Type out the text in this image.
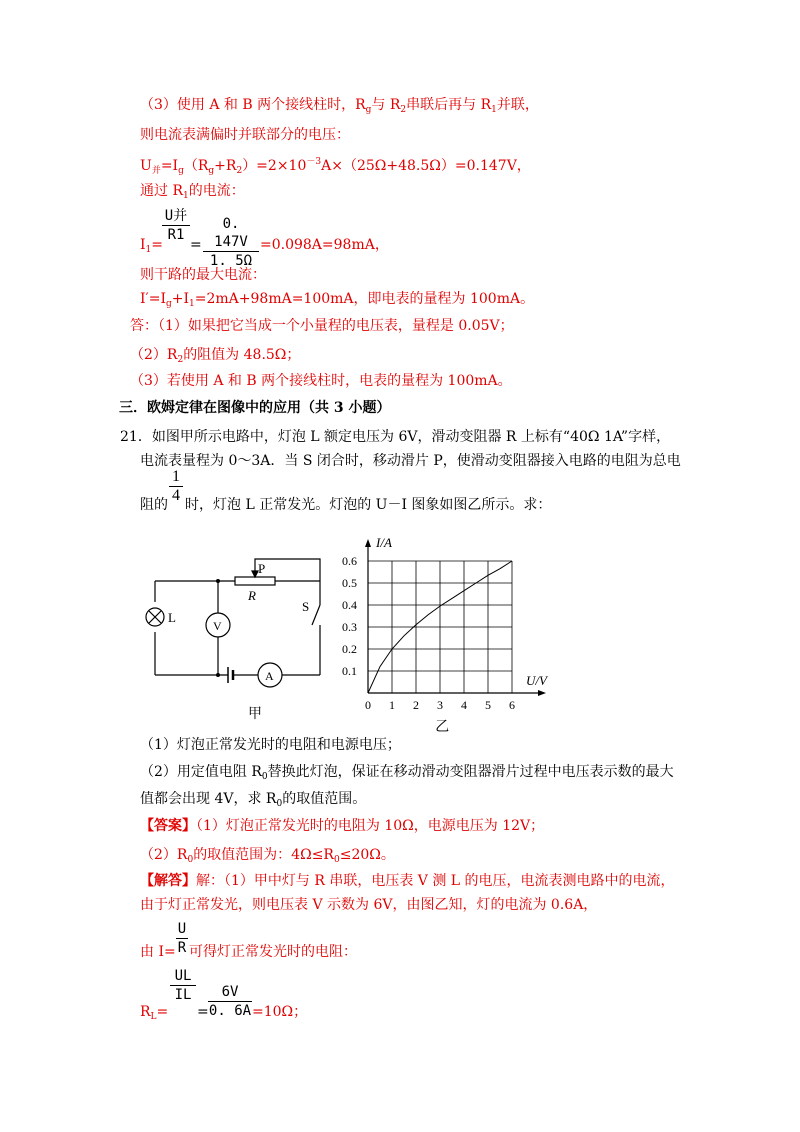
（3）使用 A 和 B 两个接线柱时，$R_g$与 $R_2$串联后再与 $R_1$并联，
则电流表满偏时并联部分的电压：
$U_并=I_g(R_g+R_2)=2\times 10^{-3}A\times(25\Omega+48.5\Omega)=0.147V$，
通过 $R_1$的电流：
$I_1=$
U并
R1
=
0. 147V
1. 5Ω
=0.098A=98mA，
则干路的最大电流：
$I'=I_g+I_1=2mA+98mA=100mA$，即电表的量程为 100mA。
答：（1）如果把它当成一个小量程的电压表，量程是 0.05V；
$(2)R_2$的阻值为 48.5Ω；
（3）若使用 A 和 B 两个接线柱时，电表的量程为 100mA。
三．欧姆定律在图像中的应用（共 3 小题）
21．如图甲所示电路中，灯泡 L 额定电压为 6V，滑动变阻器 R 上标有“40Ω 1A”字样，
电流表量程为 0～3A．当 S 闭合时，移动滑片 P，使滑动变阻器接入电路的电阻为总电
1
4
阻的 时，灯泡 L 正常发光。灯泡的 U－I 图象如图乙所示。求：
P
R
L
S
V
A
甲
0 1 2 3 4 5 6
0.1
0.2
0.3
0.4
0.5
0.6
I/A
U/V
乙
（1）灯泡正常发光时的电阻和电源电压；
（2）用定值电阻 $R_0$替换此灯泡，保证在移动滑动变阻器滑片过程中电压表示数的最大
值都会出现 4V，求 $R_0$的取值范围。
【答案】（1）灯泡正常发光时的电阻为 10Ω，电源电压为 12V；
$(2)R_0$的取值范围为：$4\Omega\le R_0\le 20\Omega$。
【解答】解：（1）甲中灯与 R 串联，电压表 V 测 L 的电压，电流表测电路中的电流，
由于灯正常发光，则电压表 V 示数为 6V，由图乙知，灯的电流为 0.6A，
由 I=
U
R 可得灯正常发光时的电阻：
$R_L=$
UL
IL
=
6V
0. 6A =10Ω；
